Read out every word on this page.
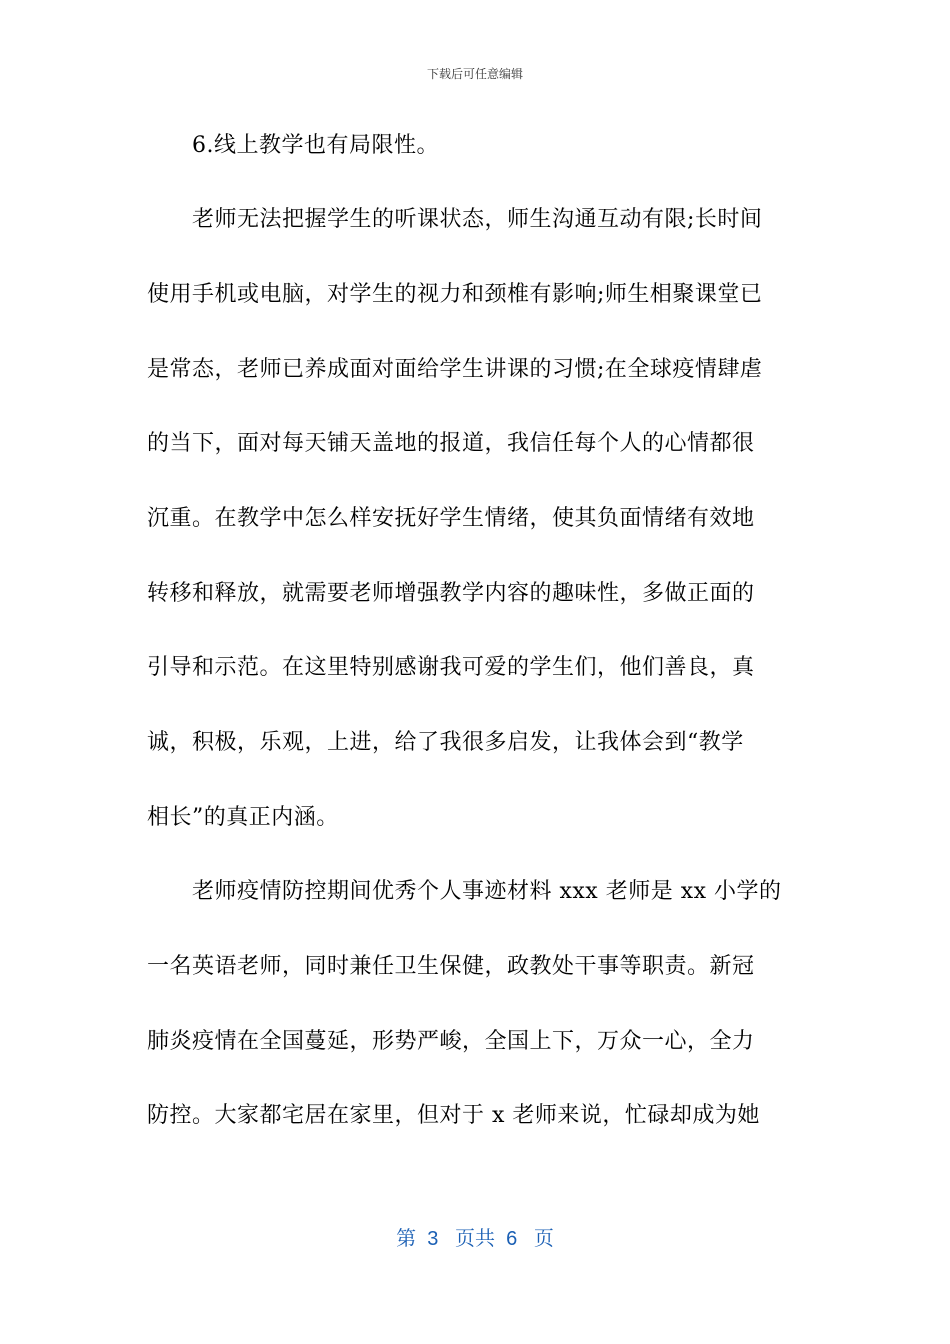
下载后可任意编辑
6.线上教学也有局限性。
老师无法把握学生的听课状态，师生沟通互动有限;长时间
使用手机或电脑，对学生的视力和颈椎有影响;师生相聚课堂已
是常态，老师已养成面对面给学生讲课的习惯;在全球疫情肆虐
的当下，面对每天铺天盖地的报道，我信任每个人的心情都很
沉重。在教学中怎么样安抚好学生情绪，使其负面情绪有效地
转移和释放，就需要老师增强教学内容的趣味性，多做正面的
引导和示范。在这里特别感谢我可爱的学生们，他们善良，真
诚，积极，乐观，上进，给了我很多启发，让我体会到“教学
相长”的真正内涵。
老师疫情防控期间优秀个人事迹材料 xxx 老师是 xx 小学的
一名英语老师，同时兼任卫生保健，政教处干事等职责。新冠
肺炎疫情在全国蔓延，形势严峻，全国上下，万众一心，全力
防控。大家都宅居在家里，但对于 x 老师来说，忙碌却成为她
第  3   页共  6   页
